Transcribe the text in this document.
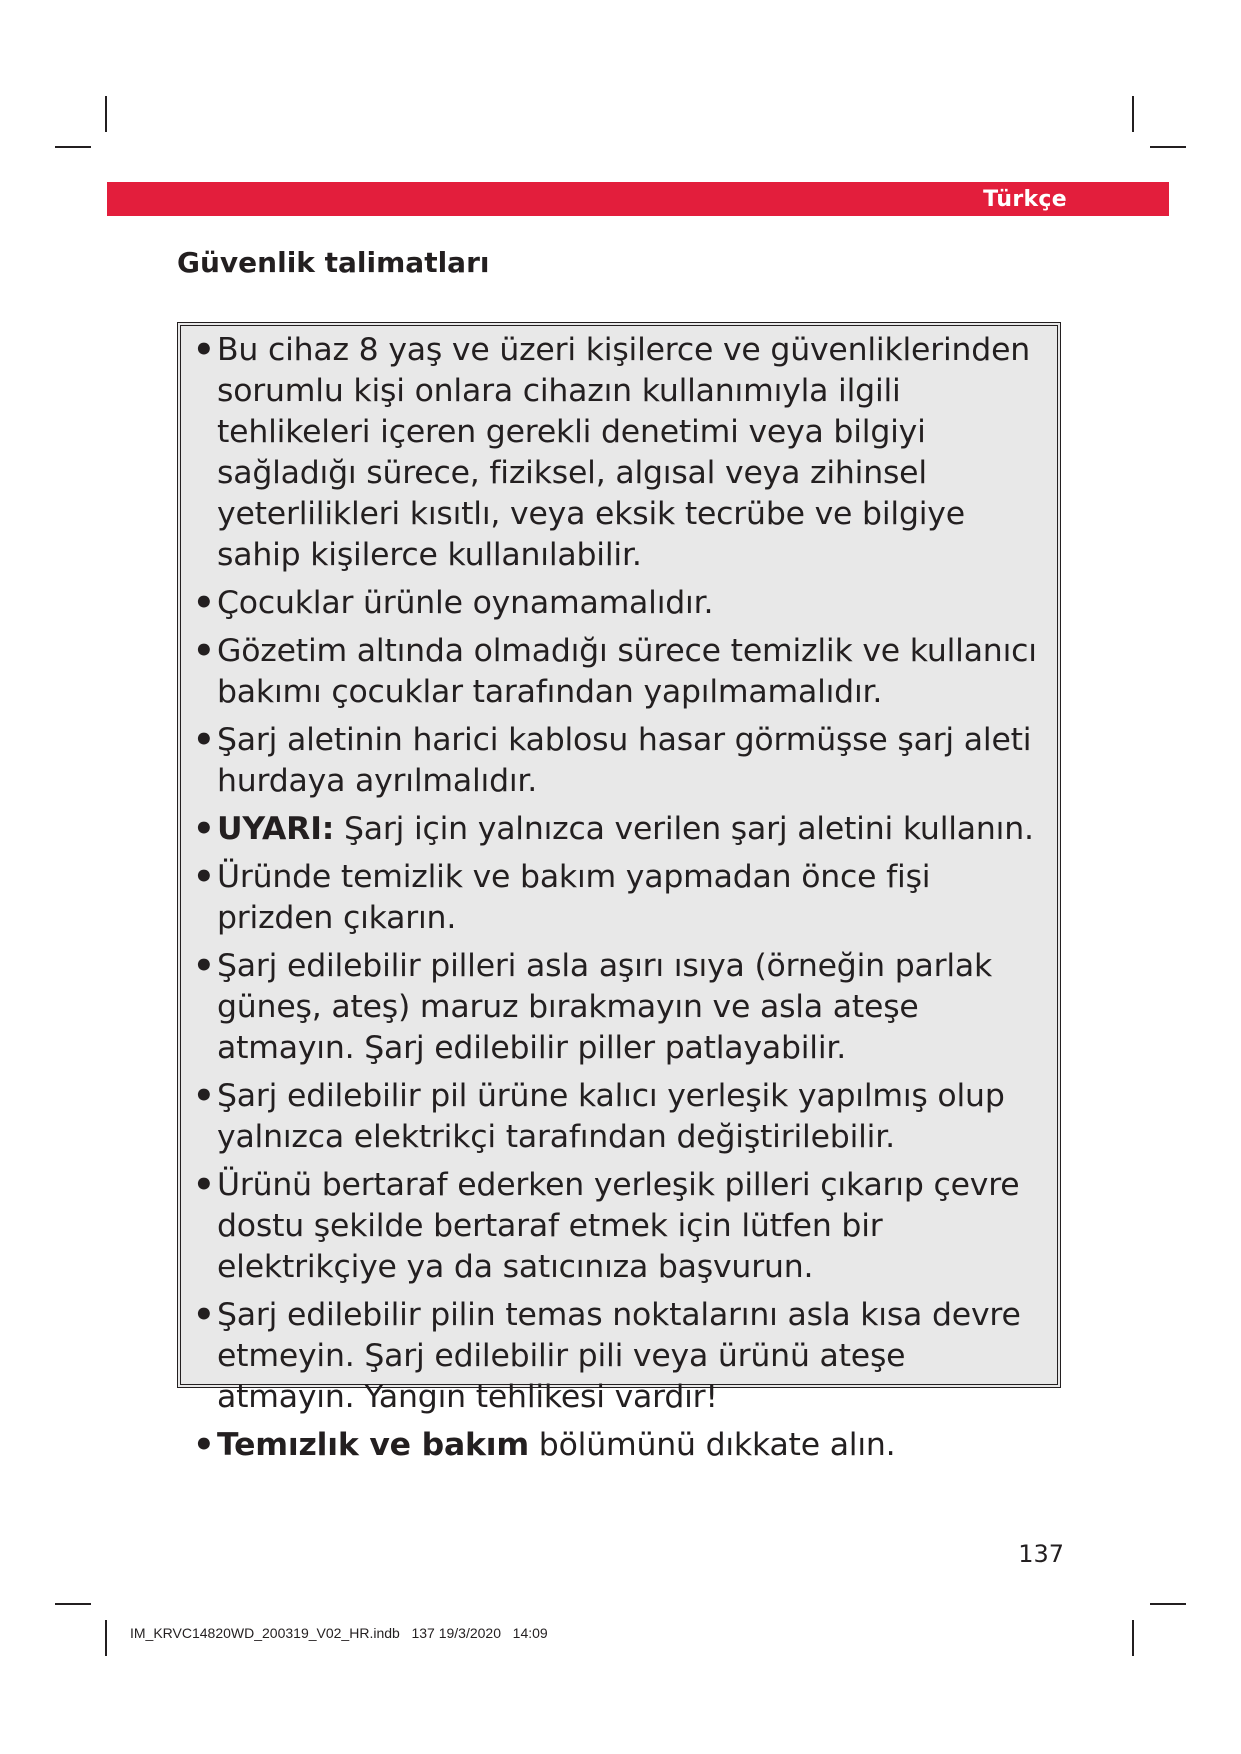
Türkçe
Güvenlik talimatları
• Bu cihaz 8 yaş ve üzeri kişilerce ve güvenliklerinden sorumlu kişi onlara cihazın kullanımıyla ilgili tehlikeleri içeren gerekli denetimi veya bilgiyi sağladığı sürece, fiziksel, algısal veya zihinsel yeterlilikleri kısıtlı, veya eksik tecrübe ve bilgiye sahip kişilerce kullanılabilir.
• Çocuklar ürünle oynamamalıdır.
• Gözetim altında olmadığı sürece temizlik ve kullanıcı bakımı çocuklar tarafından yapılmamalıdır.
• Şarj aletinin harici kablosu hasar görmüşse şarj aleti hurdaya ayrılmalıdır.
• UYARI: Şarj için yalnızca verilen şarj aletini kullanın.
• Üründe temizlik ve bakım yapmadan önce fişi prizden çıkarın.
• Şarj edilebilir pilleri asla aşırı ısıya (örneğin parlak güneş, ateş) maruz bırakmayın ve asla ateşe atmayın. Şarj edilebilir piller patlayabilir.
• Şarj edilebilir pil ürüne kalıcı yerleşik yapılmış olup yalnızca elektrikçi tarafından değiştirilebilir.
• Ürünü bertaraf ederken yerleşik pilleri çıkarıp çevre dostu şekilde bertaraf etmek için lütfen bir elektrikçiye ya da satıcınıza başvurun.
• Şarj edilebilir pilin temas noktalarını asla kısa devre etmeyin. Şarj edilebilir pili veya ürünü ateşe atmayın. Yangın tehlikesi vardır!
• Temızlık ve bakım bölümünü dıkkate alın.
137
IM_KRVC14820WD_200319_V02_HR.indb   137 19/3/2020   14:09
